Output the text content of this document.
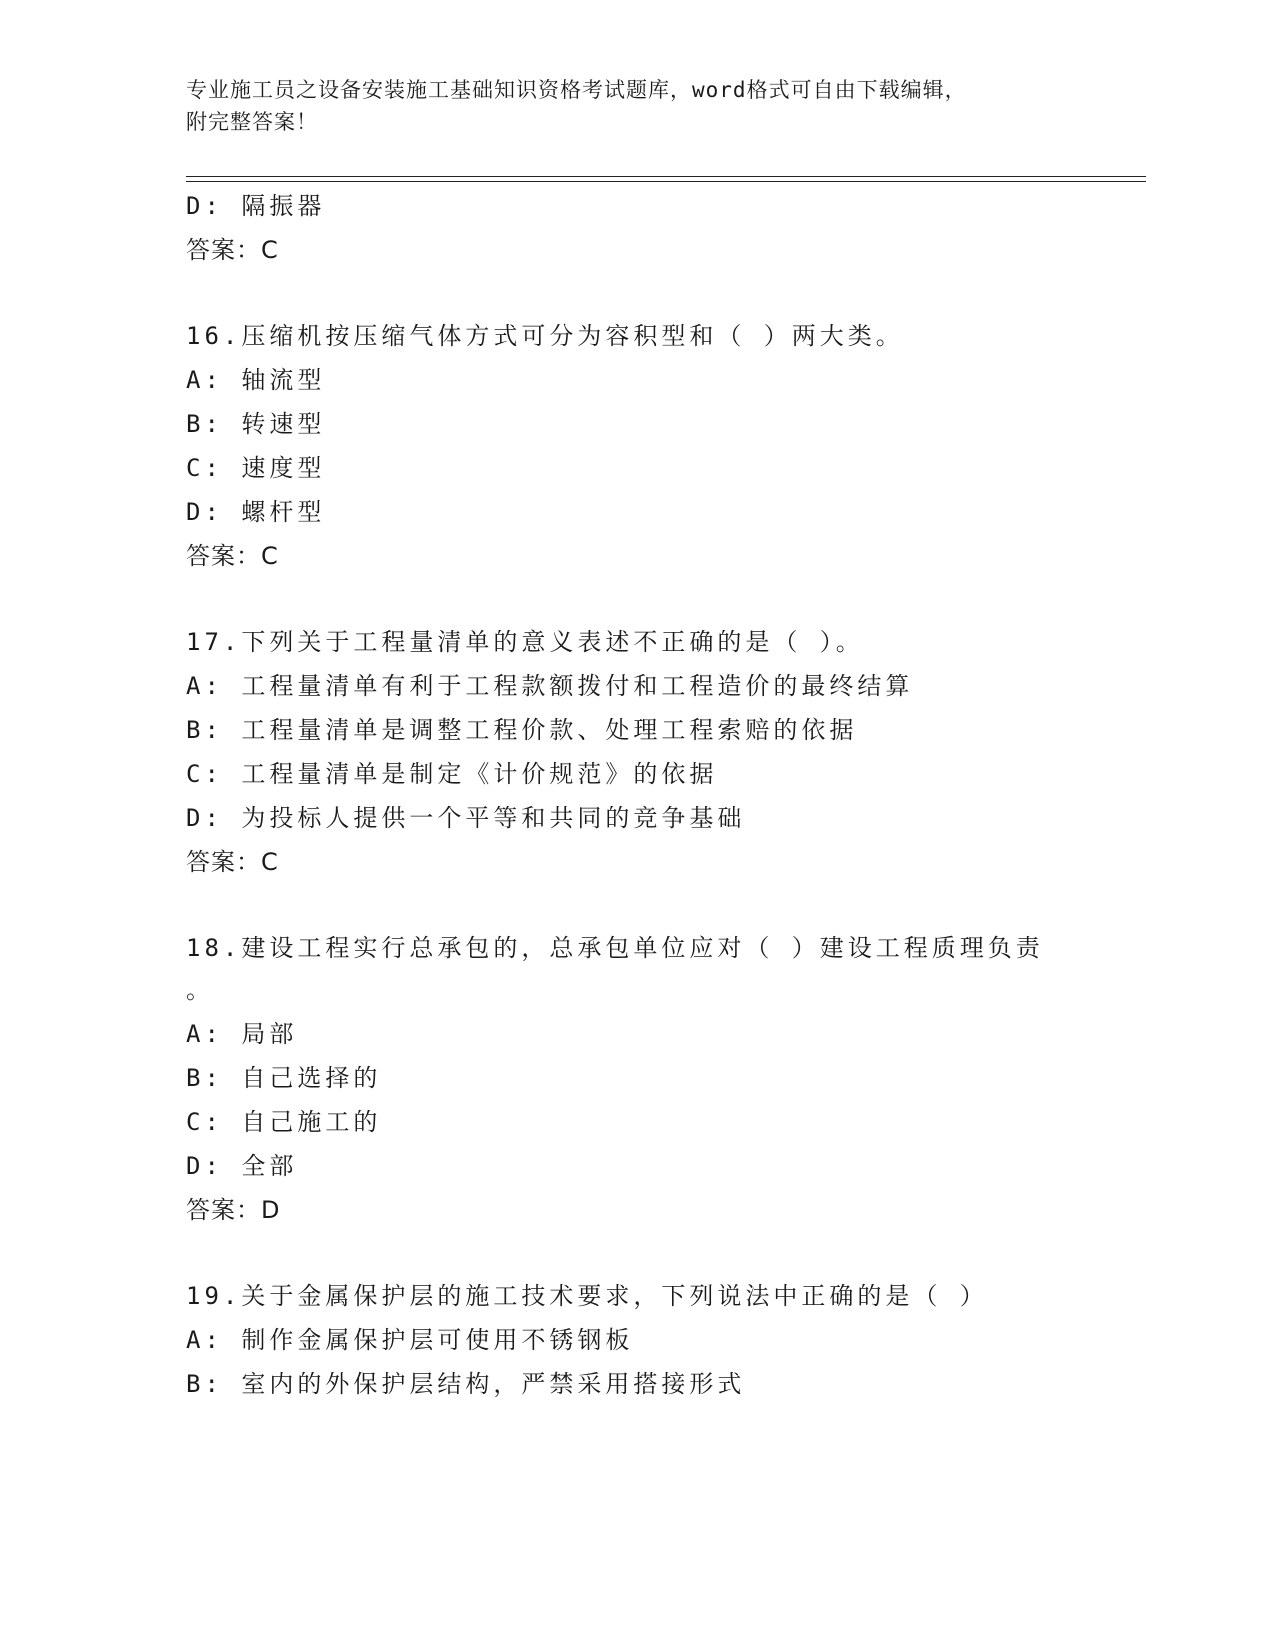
专业施工员之设备安装施工基础知识资格考试题库，word格式可自由下载编辑，
附完整答案！
D: 隔振器
答案：C
16.压缩机按压缩气体方式可分为容积型和（ ）两大类。
A: 轴流型
B: 转速型
C: 速度型
D: 螺杆型
答案：C
17.下列关于工程量清单的意义表述不正确的是（ ）。
A: 工程量清单有利于工程款额拨付和工程造价的最终结算
B: 工程量清单是调整工程价款、处理工程索赔的依据
C: 工程量清单是制定《计价规范》的依据
D: 为投标人提供一个平等和共同的竞争基础
答案：C
18.建设工程实行总承包的，总承包单位应对（ ）建设工程质理负责
。
A: 局部
B: 自己选择的
C: 自己施工的
D: 全部
答案：D
19.关于金属保护层的施工技术要求，下列说法中正确的是（ ）
A: 制作金属保护层可使用不锈钢板
B: 室内的外保护层结构，严禁采用搭接形式
